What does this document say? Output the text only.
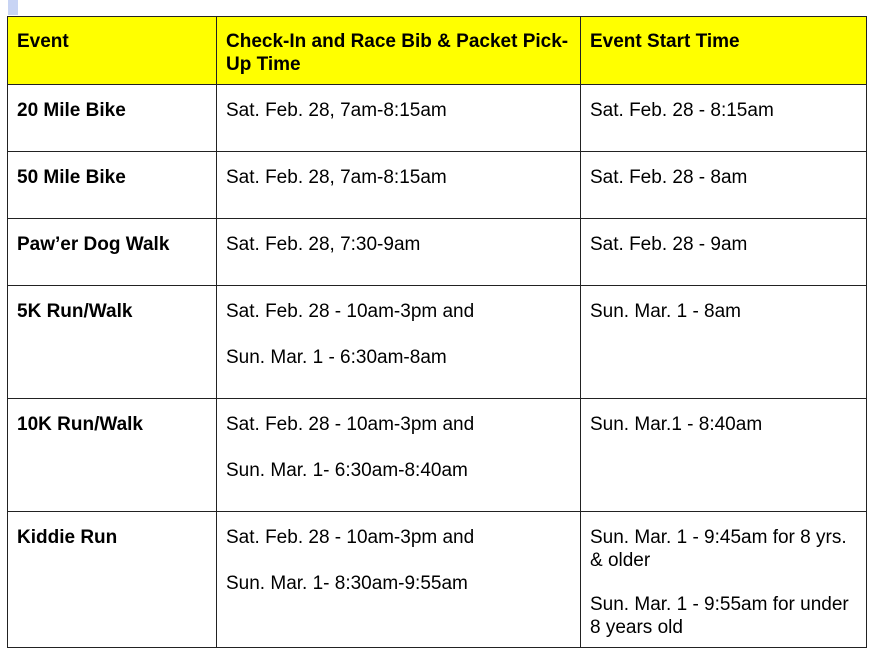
Event	Check-In and Race Bib & Packet Pick-Up Time	Event Start Time
20 Mile Bike	Sat. Feb. 28, 7am-8:15am	Sat. Feb. 28 - 8:15am

50 Mile Bike	Sat. Feb. 28, 7am-8:15am	Sat. Feb. 28 - 8am

Paw’er Dog Walk	Sat. Feb. 28, 7:30-9am	Sat. Feb. 28 - 9am

5K Run/Walk	Sat. Feb. 28 - 10am-3pm and
Sun. Mar. 1 - 6:30am-8am	Sun. Mar. 1 - 8am

10K Run/Walk	Sat. Feb. 28 - 10am-3pm and
Sun. Mar. 1- 6:30am-8:40am	Sun. Mar.1 - 8:40am

Kiddie Run	Sat. Feb. 28 - 10am-3pm and
Sun. Mar. 1- 8:30am-9:55am	Sun. Mar. 1 - 9:45am for 8 yrs. & older
Sun. Mar. 1 - 9:55am for under 8 years old
